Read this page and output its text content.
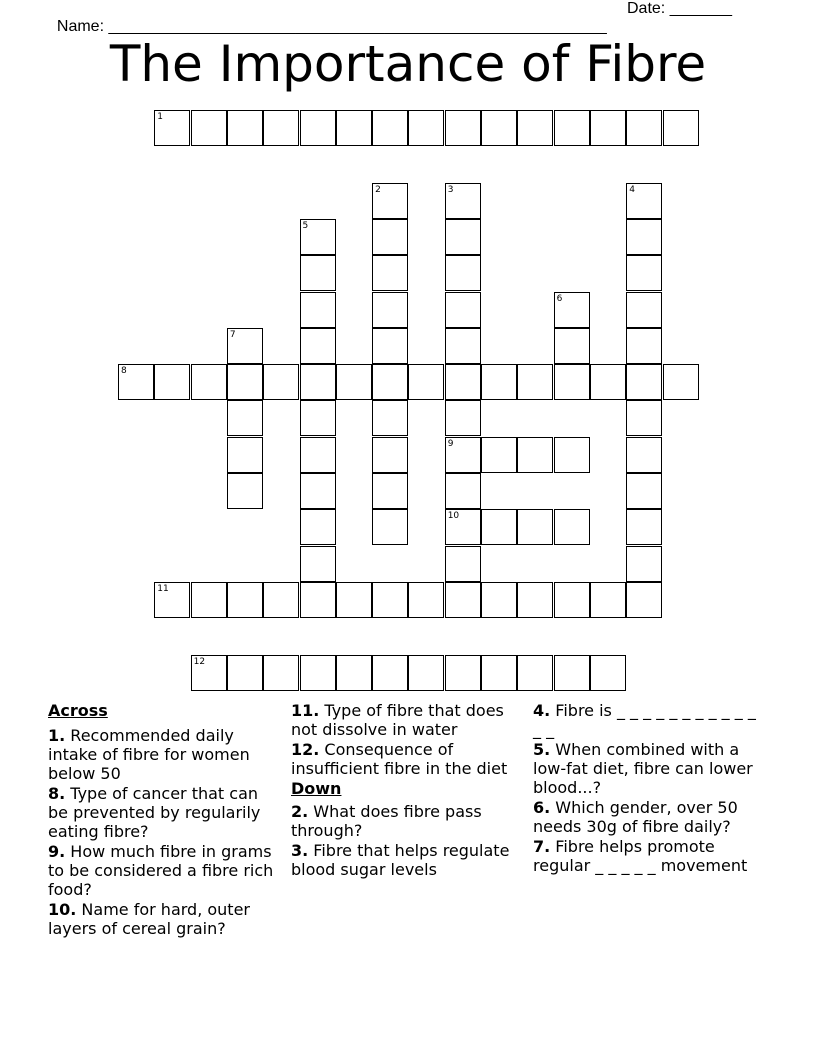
Name: ________________________________________________________

Date: _______

The Importance of Fibre
1
8
9
10
11
12
2	3	4
5
6
7
Across
1. Recommended daily intake of fibre for women below 50
8. Type of cancer that can be prevented by regularily eating fibre?
9. How much fibre in grams to be considered a fibre rich food?
10. Name for hard, outer layers of cereal grain?
11. Type of fibre that does not dissolve in water
12. Consequence of insufficient fibre in the diet
Down
2. What does fibre pass through?
3. Fibre that helps regulate blood sugar levels
4. Fibre is _ _ _ _ _ _ _ _ _ _ _ _ _
5. When combined with a low-fat diet, fibre can lower blood...?
6. Which gender, over 50 needs 30g of fibre daily?
7. Fibre helps promote regular _ _ _ _ _ movement
